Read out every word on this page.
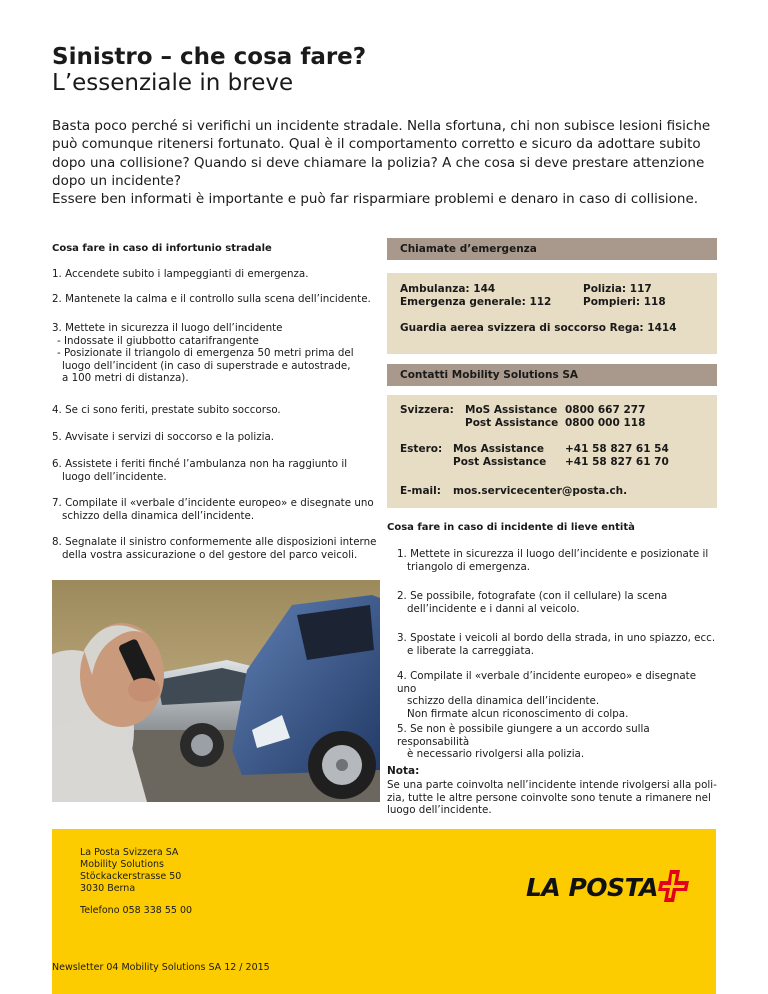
Sinistro – che cosa fare?
L’essenziale in breve

Basta poco perché si verifichi un incidente stradale. Nella sfortuna, chi non subisce lesioni fisiche può comunque ritenersi fortunato. Qual è il comportamento corretto e sicuro da adottare subito dopo una collisione? Quando si deve chiamare la polizia? A che cosa si deve prestare attenzione dopo un incidente?

Essere ben informati è importante e può far risparmiare problemi e denaro in caso di collisione.

Cosa fare in caso di infortunio stradale
1. Accendete subito i lampeggianti di emergenza.
2. Mantenete la calma e il controllo sulla scena dell’incidente.
3. Mettete in sicurezza il luogo dell’incidente
- Indossate il giubbotto catarifrangente
- Posizionate il triangolo di emergenza 50 metri prima del
luogo dell’incident (in caso di superstrade e autostrade,
a 100 metri di distanza).
4. Se ci sono feriti, prestate subito soccorso.
5. Avvisate i servizi di soccorso e la polizia.
6. Assistete i feriti finché l’ambulanza non ha raggiunto il
luogo dell’incidente.
7. Compilate il «verbale d’incidente europeo» e disegnate uno
schizzo della dinamica dell’incidente.
8. Segnalate il sinistro conformemente alle disposizioni interne
della vostra assicurazione o del gestore del parco veicoli.
Chiamate d’emergenza
Ambulanza: 144
Emergenza generale: 112
Polizia: 117
Pompieri: 118
Guardia aerea svizzera di soccorso Rega: 1414
Contatti Mobility Solutions SA
Svizzera: MoS Assistance
Post Assistance
0800 667 277
0800 000 118
Estero: Mos Assistance
Post Assistance
+41 58 827 61 54
+41 58 827 61 70
E-mail: mos.servicecenter@posta.ch.
Cosa fare in caso di incidente di lieve entità
1. Mettete in sicurezza il luogo dell’incidente e posizionate il
triangolo di emergenza.
2. Se possibile, fotografate (con il cellulare) la scena
dell’incidente e i danni al veicolo.
3. Spostate i veicoli al bordo della strada, in uno spiazzo, ecc.
e liberate la carreggiata.
4. Compilate il «verbale d’incidente europeo» e disegnate uno
schizzo della dinamica dell’incidente.
Non firmate alcun riconoscimento di colpa.
5. Se non è possibile giungere a un accordo sulla responsabilità
è necessario rivolgersi alla polizia.
Nota:
Se una parte coinvolta nell’incidente intende rivolgersi alla poli-
zia, tutte le altre persone coinvolte sono tenute a rimanere nel
luogo dell’incidente.
La Posta Svizzera SA
Mobility Solutions
Stöckackerstrasse 50
3030 Berna
Telefono 058 338 55 00
LA POSTA
Newsletter 04 Mobility Solutions SA 12 / 2015
